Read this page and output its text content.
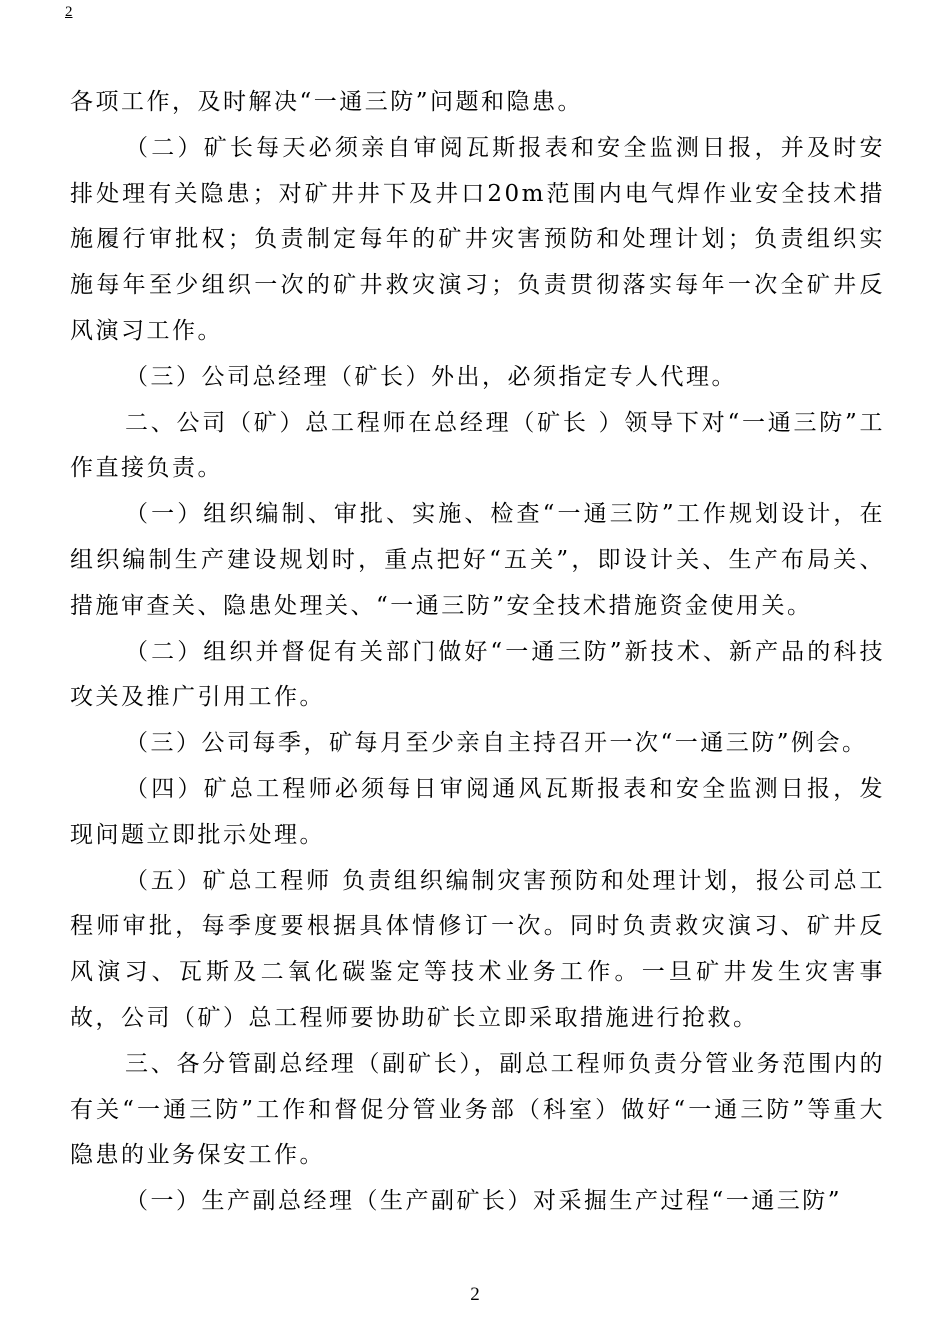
2

各项工作，及时解决“一通三防”问题和隐患。

（二）矿长每天必须亲自审阅瓦斯报表和安全监测日报，并及时安排处理有关隐患；对矿井井下及井口20m范围内电气焊作业安全技术措施履行审批权；负责制定每年的矿井灾害预防和处理计划；负责组织实施每年至少组织一次的矿井救灾演习；负责贯彻落实每年一次全矿井反风演习工作。

（三）公司总经理（矿长）外出，必须指定专人代理。

二、公司（矿）总工程师在总经理（矿长 ）领导下对“一通三防”工作直接负责。

（一）组织编制、审批、实施、检查“一通三防”工作规划设计，在组织编制生产建设规划时，重点把好“五关”，即设计关、生产布局关、措施审查关、隐患处理关、“一通三防”安全技术措施资金使用关。

（二）组织并督促有关部门做好“一通三防”新技术、新产品的科技攻关及推广引用工作。

（三）公司每季，矿每月至少亲自主持召开一次“一通三防”例会。

（四）矿总工程师必须每日审阅通风瓦斯报表和安全监测日报，发现问题立即批示处理。

（五）矿总工程师 负责组织编制灾害预防和处理计划，报公司总工程师审批，每季度要根据具体情修订一次。同时负责救灾演习、矿井反风演习、瓦斯及二氧化碳鉴定等技术业务工作。一旦矿井发生灾害事故，公司（矿）总工程师要协助矿长立即采取措施进行抢救。

三、各分管副总经理（副矿长），副总工程师负责分管业务范围内的有关“一通三防”工作和督促分管业务部（科室）做好“一通三防”等重大隐患的业务保安工作。

（一）生产副总经理（生产副矿长）对采掘生产过程“一通三防”

2
